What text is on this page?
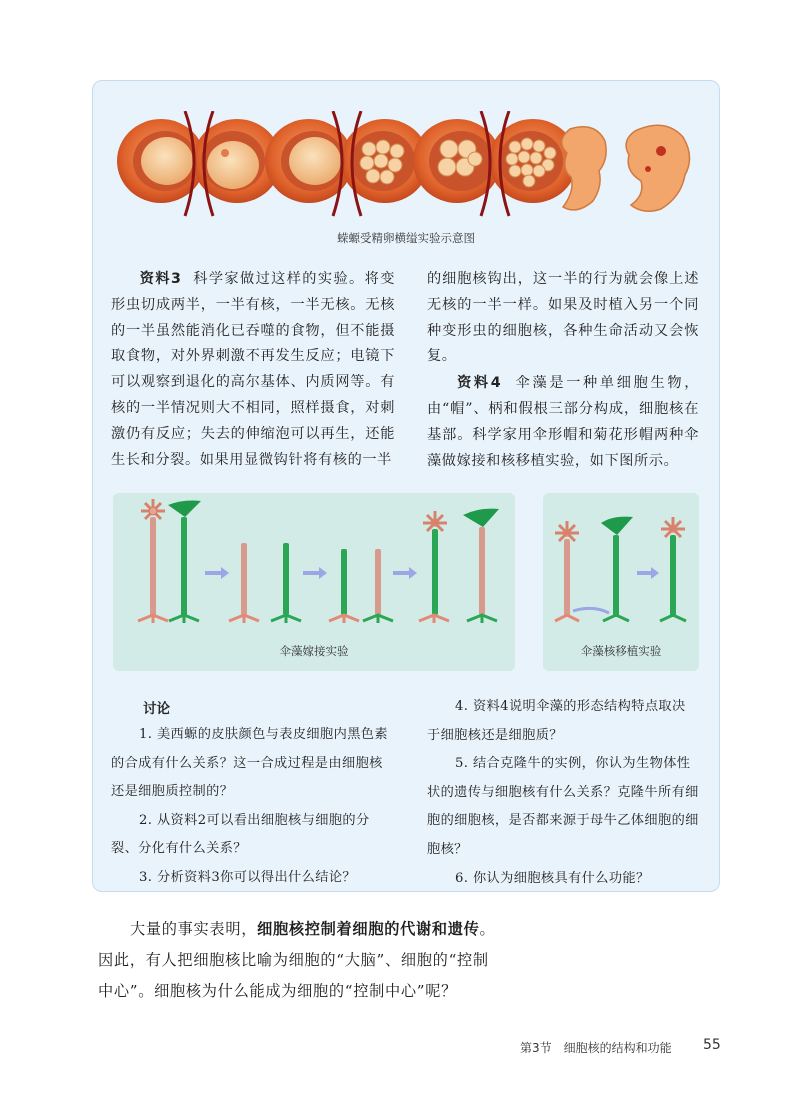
蝾螈受精卵横缢实验示意图

资料3 科学家做过这样的实验。将变形虫切成两半，一半有核，一半无核。无核的一半虽然能消化已吞噬的食物，但不能摄取食物，对外界刺激不再发生反应；电镜下可以观察到退化的高尔基体、内质网等。有核的一半情况则大不相同，照样摄食，对刺激仍有反应；失去的伸缩泡可以再生，还能生长和分裂。如果用显微钩针将有核的一半

的细胞核钩出，这一半的行为就会像上述无核的一半一样。如果及时植入另一个同种变形虫的细胞核，各种生命活动又会恢复。

资料4 伞藻是一种单细胞生物，由“帽”、柄和假根三部分构成，细胞核在基部。科学家用伞形帽和菊花形帽两种伞藻做嫁接和核移植实验，如下图所示。

伞藻嫁接实验	伞藻核移植实验
讨论

1. 美西螈的皮肤颜色与表皮细胞内黑色素的合成有什么关系？这一合成过程是由细胞核还是细胞质控制的？

2. 从资料2可以看出细胞核与细胞的分裂、分化有什么关系？

3. 分析资料3你可以得出什么结论？

4. 资料4说明伞藻的形态结构特点取决于细胞核还是细胞质？

5. 结合克隆牛的实例，你认为生物体性状的遗传与细胞核有什么关系？克隆牛所有细胞的细胞核，是否都来源于母牛乙体细胞的细胞核？

6. 你认为细胞核具有什么功能？

大量的事实表明，细胞核控制着细胞的代谢和遗传。因此，有人把细胞核比喻为细胞的“大脑”、细胞的“控制中心”。细胞核为什么能成为细胞的“控制中心”呢？

第3节　细胞核的结构和功能 55
